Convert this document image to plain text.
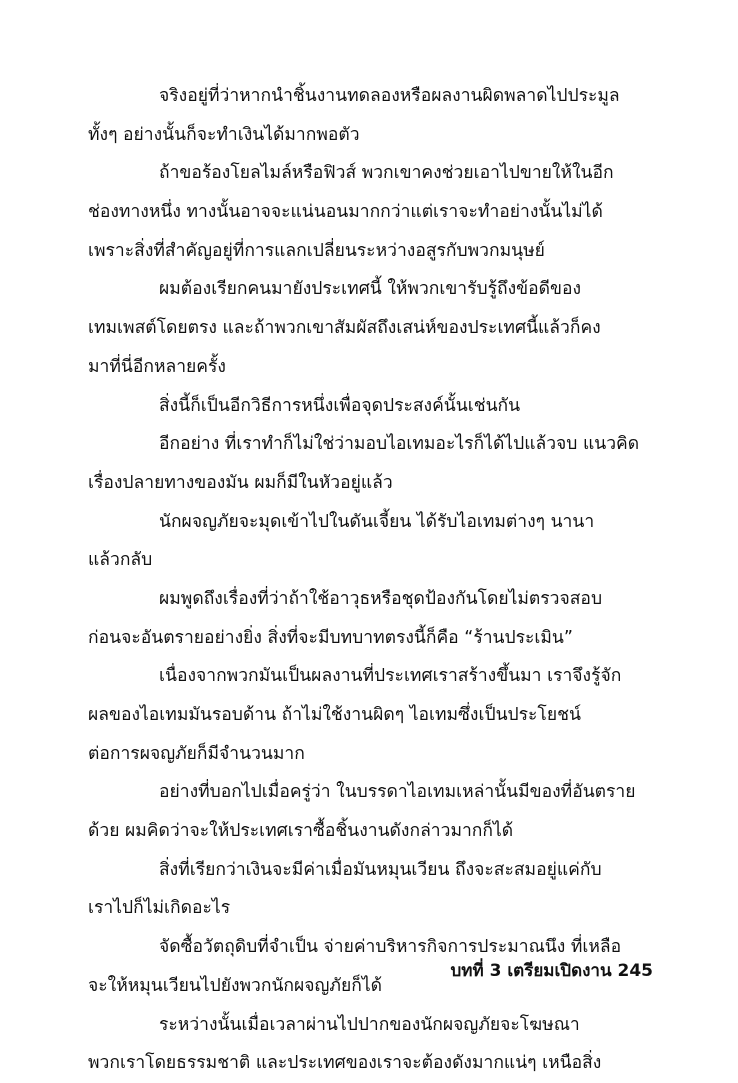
จริงอยู่ที่ว่าหากนำชิ้นงานทดลองหรือผลงานผิดพลาดไปประมูล
ทั้งๆ อย่างนั้นก็จะทำเงินได้มากพอตัว
ถ้าขอร้องโยลไมล์หรือฟิวส์ พวกเขาคงช่วยเอาไปขายให้ในอีก
ช่องทางหนึ่ง ทางนั้นอาจจะแน่นอนมากกว่าแต่เราจะทำอย่างนั้นไม่ได้
เพราะสิ่งที่สำคัญอยู่ที่การแลกเปลี่ยนระหว่างอสูรกับพวกมนุษย์
ผมต้องเรียกคนมายังประเทศนี้ ให้พวกเขารับรู้ถึงข้อดีของ
เทมเพสต์โดยตรง และถ้าพวกเขาสัมผัสถึงเสน่ห์ของประเทศนี้แล้วก็คง
มาที่นี่อีกหลายครั้ง
สิ่งนี้ก็เป็นอีกวิธีการหนึ่งเพื่อจุดประสงค์นั้นเช่นกัน
อีกอย่าง ที่เราทำก็ไม่ใช่ว่ามอบไอเทมอะไรก็ได้ไปแล้วจบ แนวคิด
เรื่องปลายทางของมัน ผมก็มีในหัวอยู่แล้ว
นักผจญภัยจะมุดเข้าไปในดันเจี้ยน ได้รับไอเทมต่างๆ นานา
แล้วกลับ
ผมพูดถึงเรื่องที่ว่าถ้าใช้อาวุธหรือชุดป้องกันโดยไม่ตรวจสอบ
ก่อนจะอันตรายอย่างยิ่ง สิ่งที่จะมีบทบาทตรงนี้ก็คือ “ร้านประเมิน”
เนื่องจากพวกมันเป็นผลงานที่ประเทศเราสร้างขึ้นมา เราจึงรู้จัก
ผลของไอเทมมันรอบด้าน ถ้าไม่ใช้งานผิดๆ ไอเทมซึ่งเป็นประโยชน์
ต่อการผจญภัยก็มีจำนวนมาก
อย่างที่บอกไปเมื่อครู่ว่า ในบรรดาไอเทมเหล่านั้นมีของที่อันตราย
ด้วย ผมคิดว่าจะให้ประเทศเราซื้อชิ้นงานดังกล่าวมากก็ได้
สิ่งที่เรียกว่าเงินจะมีค่าเมื่อมันหมุนเวียน ถึงจะสะสมอยู่แค่กับ
เราไปก็ไม่เกิดอะไร
จัดซื้อวัตถุดิบที่จำเป็น จ่ายค่าบริหารกิจการประมาณนึง ที่เหลือ
จะให้หมุนเวียนไปยังพวกนักผจญภัยก็ได้
ระหว่างนั้นเมื่อเวลาผ่านไปปากของนักผจญภัยจะโฆษณา
พวกเราโดยธรรมชาติ และประเทศของเราจะต้องดังมากแน่ๆ เหนือสิ่ง
บทที่ 3 เตรียมเปิดงาน 245
